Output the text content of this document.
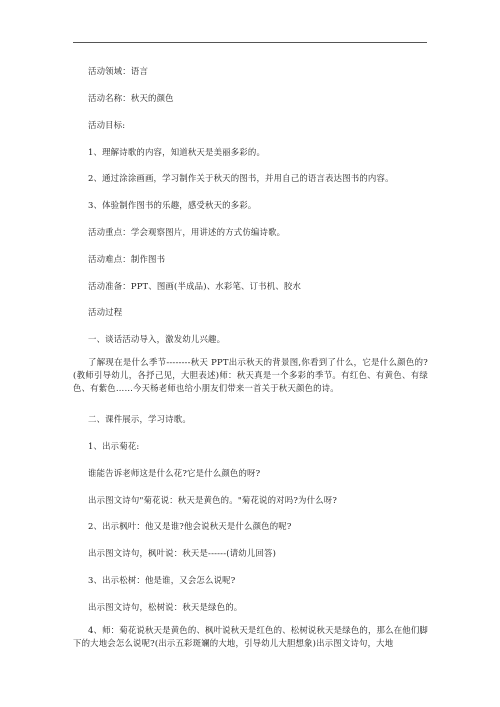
活动领域：语言
活动名称：秋天的颜色
活动目标:
1、理解诗歌的内容，知道秋天是美丽多彩的。
2、通过涂涂画画，学习制作关于秋天的图书，并用自己的语言表达图书的内容。
3、体验制作图书的乐趣，感受秋天的多彩。
活动重点：学会观察图片，用讲述的方式仿编诗歌。
活动难点：制作图书
活动准备：PPT、图画(半成品)、水彩笔、订书机、胶水
活动过程
一、谈话活动导入，激发幼儿兴趣。
了解现在是什么季节--------秋天 PPT出示秋天的背景图,你看到了什么，它是什么颜色的?(教师引导幼儿，各抒己见，大胆表述)师：秋天真是一个多彩的季节。有红色、有黄色、有绿色、有紫色……今天杨老师也给小朋友们带来一首关于秋天颜色的诗。
二、课件展示，学习诗歌。
1、出示菊花:
谁能告诉老师这是什么花?它是什么颜色的呀?
出示图文诗句"菊花说：秋天是黄色的。"菊花说的对吗?为什么呀?
2、出示枫叶：他又是谁?他会说秋天是什么颜色的呢?
出示图文诗句，枫叶说：秋天是------(请幼儿回答)
3、出示松树：他是谁，又会怎么说呢?
出示图文诗句，松树说：秋天是绿色的。
4、师：菊花说秋天是黄色的、枫叶说秋天是红色的、松树说秋天是绿色的，那么在他们脚下的大地会怎么说呢?(出示五彩斑斓的大地，引导幼儿大胆想象)出示图文诗句，大地
